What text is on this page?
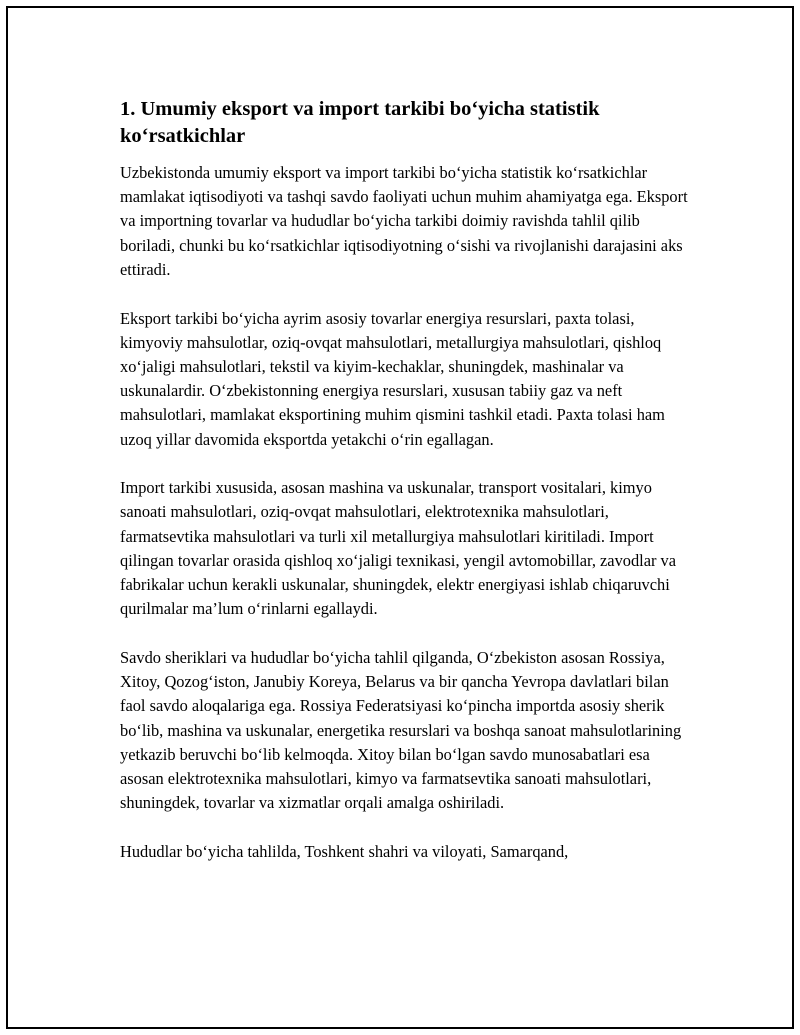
1. Umumiy eksport va import tarkibi bo‘yicha statistik ko‘rsatkichlar

Uzbekistonda umumiy eksport va import tarkibi bo‘yicha statistik ko‘rsatkichlar mamlakat iqtisodiyoti va tashqi savdo faoliyati uchun muhim ahamiyatga ega. Eksport va importning tovarlar va hududlar bo‘yicha tarkibi doimiy ravishda tahlil qilib boriladi, chunki bu ko‘rsatkichlar iqtisodiyotning o‘sishi va rivojlanishi darajasini aks ettiradi.

Eksport tarkibi bo‘yicha ayrim asosiy tovarlar energiya resurslari, paxta tolasi, kimyoviy mahsulotlar, oziq-ovqat mahsulotlari, metallurgiya mahsulotlari, qishloq xo‘jaligi mahsulotlari, tekstil va kiyim-kechaklar, shuningdek, mashinalar va uskunalardir. O‘zbekistonning energiya resurslari, xususan tabiiy gaz va neft mahsulotlari, mamlakat eksportining muhim qismini tashkil etadi. Paxta tolasi ham uzoq yillar davomida eksportda yetakchi o‘rin egallagan.

Import tarkibi xususida, asosan mashina va uskunalar, transport vositalari, kimyo sanoati mahsulotlari, oziq-ovqat mahsulotlari, elektrotexnika mahsulotlari, farmatsevtika mahsulotlari va turli xil metallurgiya mahsulotlari kiritiladi. Import qilingan tovarlar orasida qishloq xo‘jaligi texnikasi, yengil avtomobillar, zavodlar va fabrikalar uchun kerakli uskunalar, shuningdek, elektr energiyasi ishlab chiqaruvchi qurilmalar ma’lum o‘rinlarni egallaydi.

Savdo sheriklari va hududlar bo‘yicha tahlil qilganda, O‘zbekiston asosan Rossiya, Xitoy, Qozog‘iston, Janubiy Koreya, Belarus va bir qancha Yevropa davlatlari bilan faol savdo aloqalariga ega. Rossiya Federatsiyasi ko‘pincha importda asosiy sherik bo‘lib, mashina va uskunalar, energetika resurslari va boshqa sanoat mahsulotlarining yetkazib beruvchi bo‘lib kelmoqda. Xitoy bilan bo‘lgan savdo munosabatlari esa asosan elektrotexnika mahsulotlari, kimyo va farmatsevtika sanoati mahsulotlari, shuningdek, tovarlar va xizmatlar orqali amalga oshiriladi.

Hududlar bo‘yicha tahlilda, Toshkent shahri va viloyati, Samarqand,
